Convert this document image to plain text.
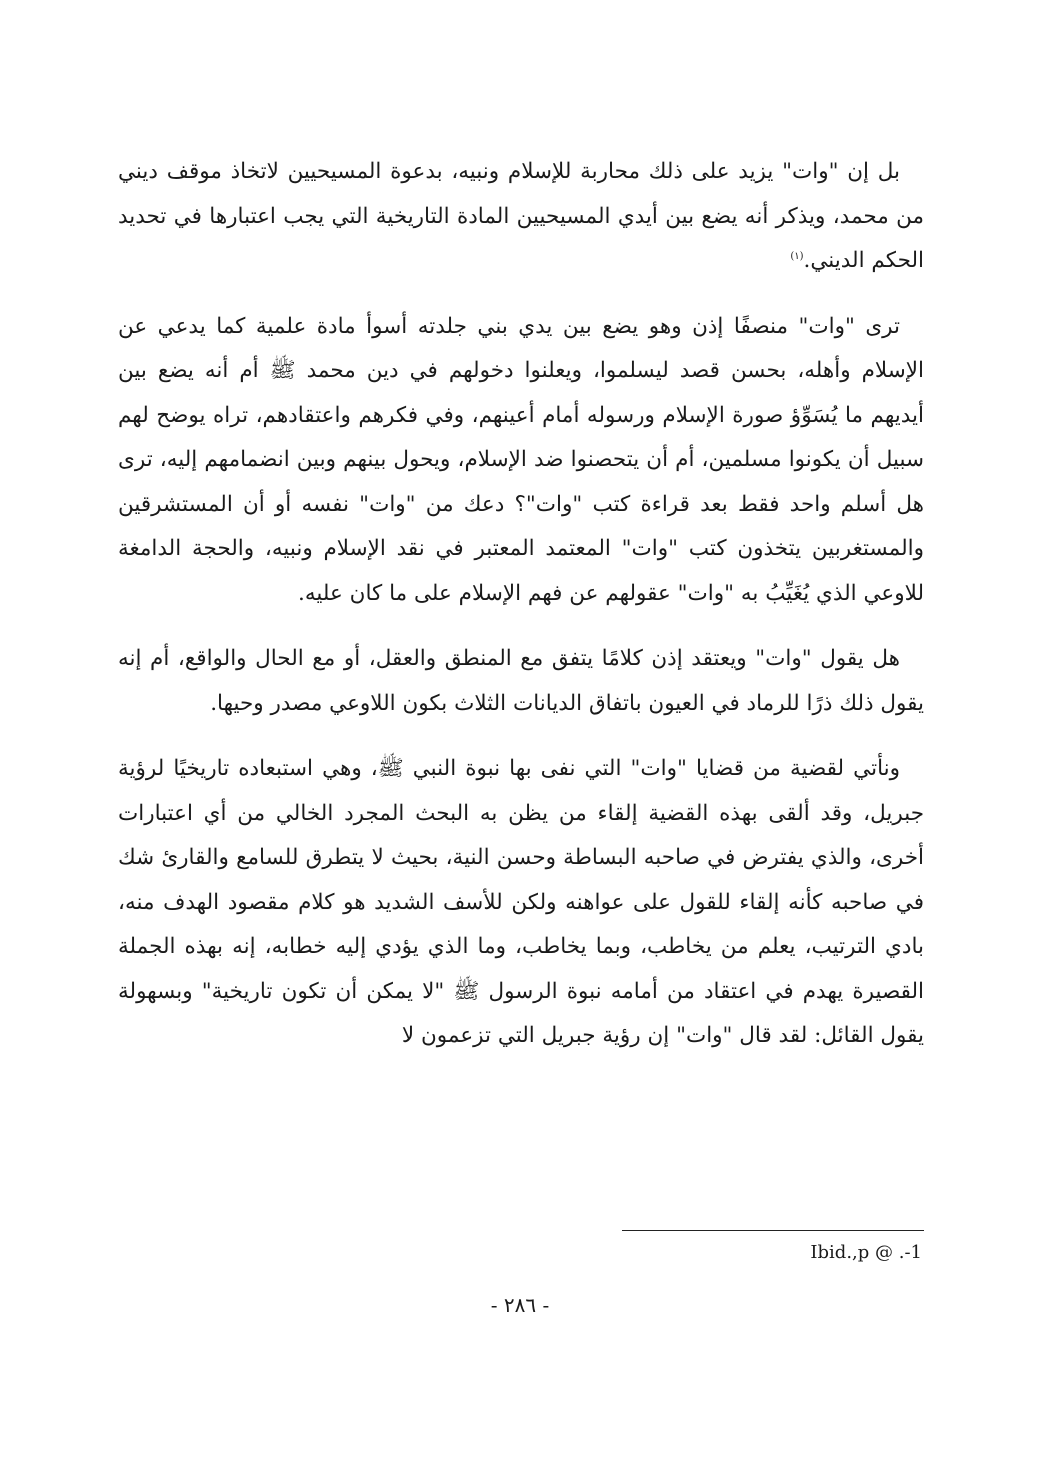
بل إن "وات" يزيد على ذلك محاربة للإسلام ونبيه، بدعوة المسيحيين لاتخاذ موقف ديني من محمد، ويذكر أنه يضع بين أيدي المسيحيين المادة التاريخية التي يجب اعتبارها في تحديد الحكم الديني.$^{(١)}$

ترى "وات" منصفًا إذن وهو يضع بين يدي بني جلدته أسوأ مادة علمية كما يدعي عن الإسلام وأهله، بحسن قصد ليسلموا، ويعلنوا دخولهم في دين محمد ﷺ أم أنه يضع بين أيديهم ما يُسَوِّؤ صورة الإسلام ورسوله أمام أعينهم، وفي فكرهم واعتقادهم، تراه يوضح لهم سبيل أن يكونوا مسلمين، أم أن يتحصنوا ضد الإسلام، ويحول بينهم وبين انضمامهم إليه، ترى هل أسلم واحد فقط بعد قراءة كتب "وات"؟ دعك من "وات" نفسه أو أن المستشرقين والمستغربين يتخذون كتب "وات" المعتمد المعتبر في نقد الإسلام ونبيه، والحجة الدامغة للاوعي الذي يُغَيِّبُ به "وات" عقولهم عن فهم الإسلام على ما كان عليه.

هل يقول "وات" ويعتقد إذن كلامًا يتفق مع المنطق والعقل، أو مع الحال والواقع، أم إنه يقول ذلك ذرًا للرماد في العيون باتفاق الديانات الثلاث بكون اللاوعي مصدر وحيها.

ونأتي لقضية من قضايا "وات" التي نفى بها نبوة النبي ﷺ، وهي استبعاده تاريخيًا لرؤية جبريل، وقد ألقى بهذه القضية إلقاء من يظن به البحث المجرد الخالي من أي اعتبارات أخرى، والذي يفترض في صاحبه البساطة وحسن النية، بحيث لا يتطرق للسامع والقارئ شك في صاحبه كأنه إلقاء للقول على عواهنه ولكن للأسف الشديد هو كلام مقصود الهدف منه، بادي الترتيب، يعلم من يخاطب، وبما يخاطب، وما الذي يؤدي إليه خطابه، إنه بهذه الجملة القصيرة يهدم في اعتقاد من أمامه نبوة الرسول ﷺ "لا يمكن أن تكون تاريخية" وبسهولة يقول القائل: لقد قال "وات" إن رؤية جبريل التي تزعمون لا

Ibid.,p @ .-1
- ٢٨٦ -
